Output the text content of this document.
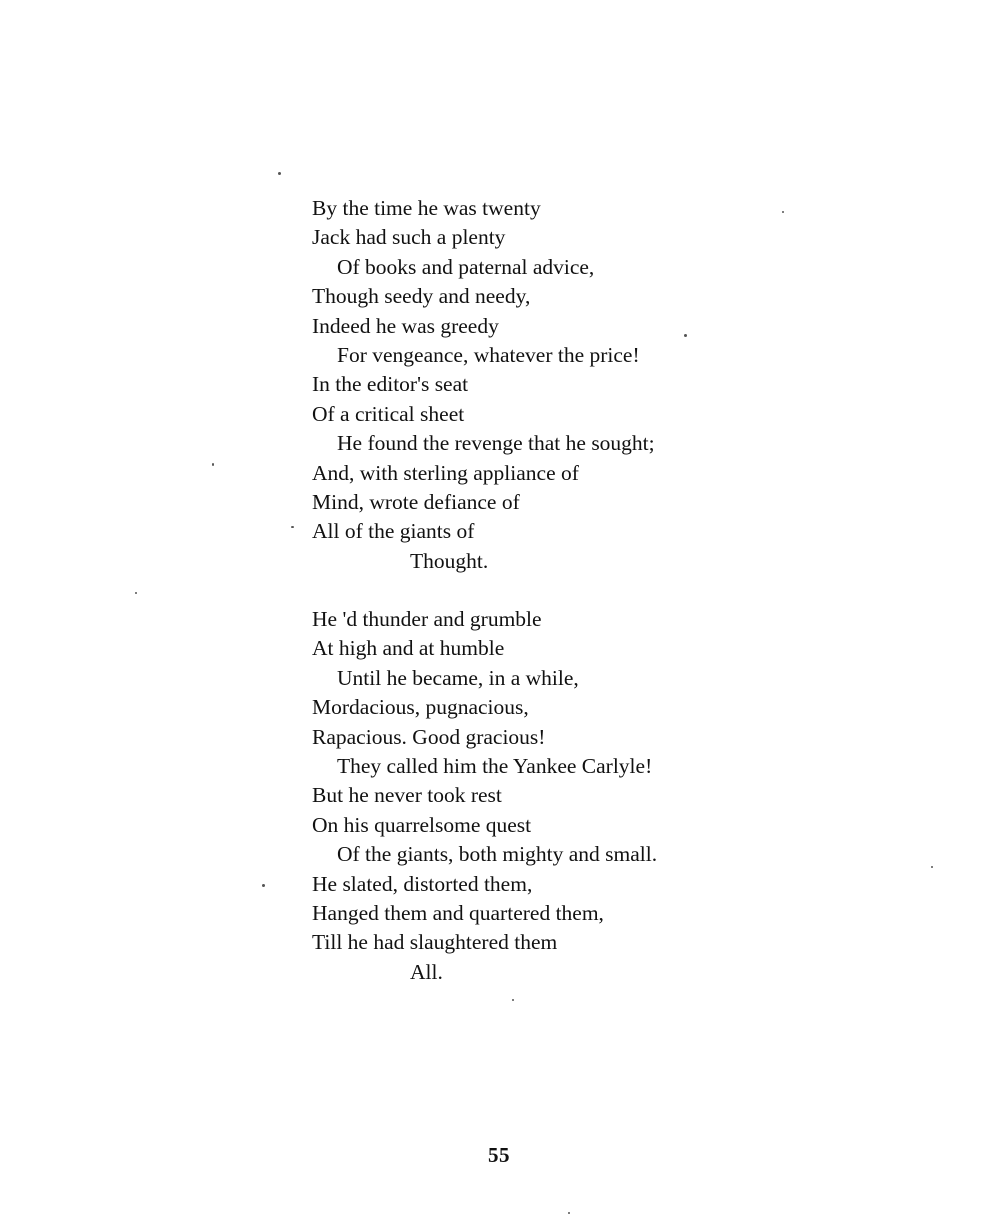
By the time he was twenty
Jack had such a plenty
Of books and paternal advice,
Though seedy and needy,
Indeed he was greedy
For vengeance, whatever the price!
In the editor's seat
Of a critical sheet
He found the revenge that he sought;
And, with sterling appliance of
Mind, wrote defiance of
All of the giants of
Thought.
He 'd thunder and grumble
At high and at humble
Until he became, in a while,
Mordacious, pugnacious,
Rapacious. Good gracious!
They called him the Yankee Carlyle!
But he never took rest
On his quarrelsome quest
Of the giants, both mighty and small.
He slated, distorted them,
Hanged them and quartered them,
Till he had slaughtered them
All.
55
